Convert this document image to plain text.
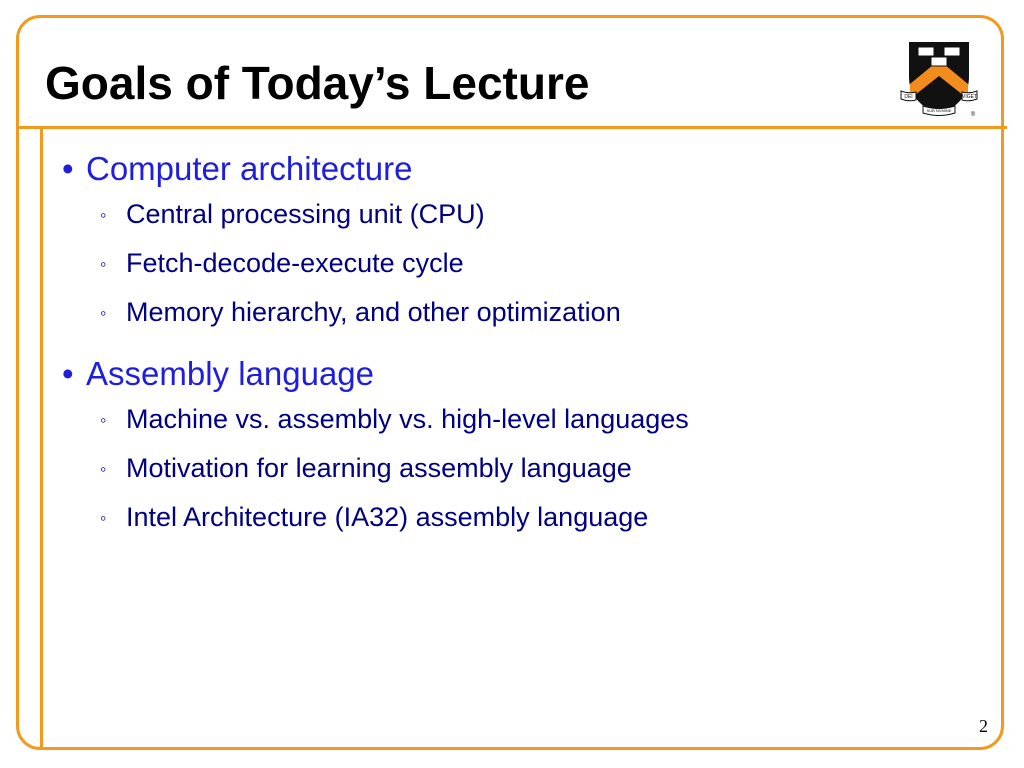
Goals of Today’s Lecture	DEI
SUB NVMINE
VIGET
®
• Computer architecture
◦ Central processing unit (CPU)
◦ Fetch-decode-execute cycle
◦ Memory hierarchy, and other optimization
• Assembly language
◦ Machine vs. assembly vs. high-level languages
◦ Motivation for learning assembly language
◦ Intel Architecture (IA32) assembly language
2
